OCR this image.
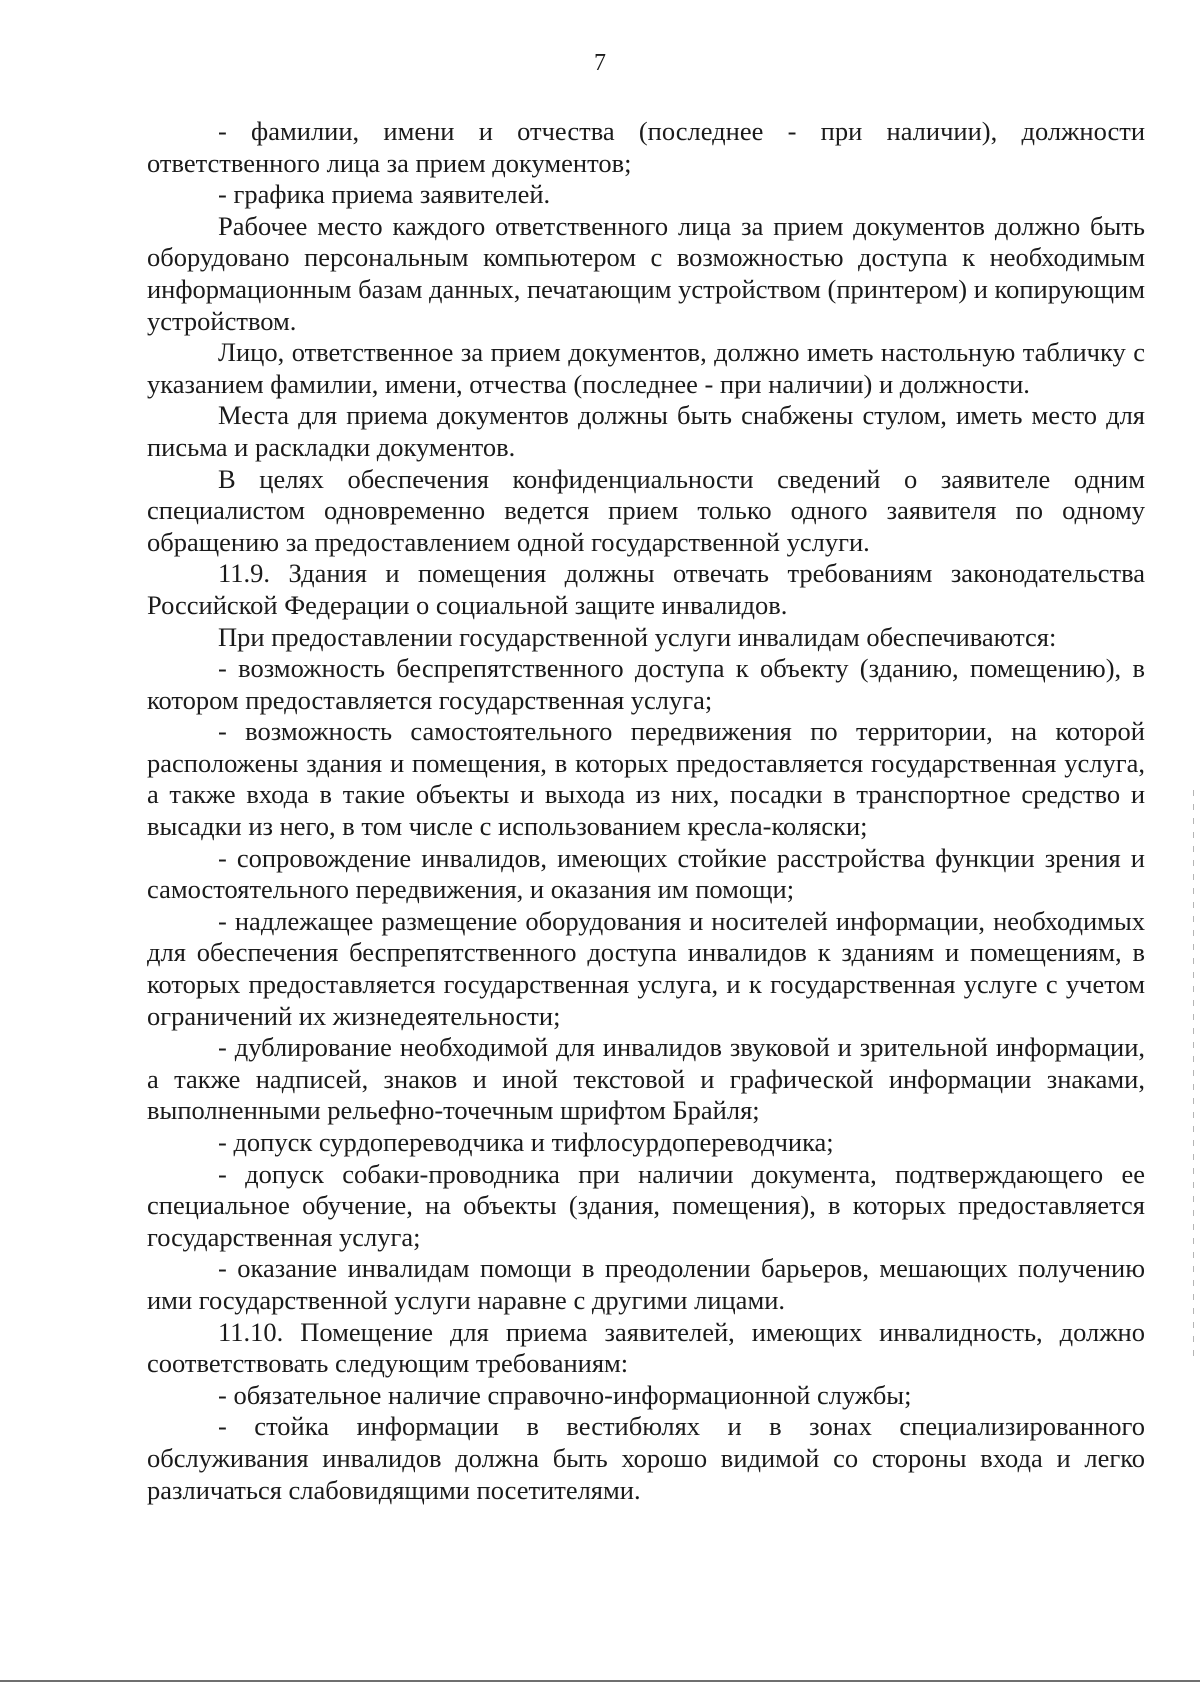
7

- фамилии, имени и отчества (последнее - при наличии), должности ответственного лица за прием документов;

- графика приема заявителей.

Рабочее место каждого ответственного лица за прием документов должно быть оборудовано персональным компьютером с возможностью доступа к необходимым информационным базам данных, печатающим устройством (принтером) и копирующим устройством.

Лицо, ответственное за прием документов, должно иметь настольную табличку с указанием фамилии, имени, отчества (последнее - при наличии) и должности.

Места для приема документов должны быть снабжены стулом, иметь место для письма и раскладки документов.

В целях обеспечения конфиденциальности сведений о заявителе одним специалистом одновременно ведется прием только одного заявителя по одному обращению за предоставлением одной государственной услуги.

11.9. Здания и помещения должны отвечать требованиям законодательства Российской Федерации о социальной защите инвалидов.

При предоставлении государственной услуги инвалидам обеспечиваются:

- возможность беспрепятственного доступа к объекту (зданию, помещению), в котором предоставляется государственная услуга;

- возможность самостоятельного передвижения по территории, на которой расположены здания и помещения, в которых предоставляется государственная услуга, а также входа в такие объекты и выхода из них, посадки в транспортное средство и высадки из него, в том числе с использованием кресла-коляски;

- сопровождение инвалидов, имеющих стойкие расстройства функции зрения и самостоятельного передвижения, и оказания им помощи;

- надлежащее размещение оборудования и носителей информации, необходимых для обеспечения беспрепятственного доступа инвалидов к зданиям и помещениям, в которых предоставляется государственная услуга, и к государственная услуге с учетом ограничений их жизнедеятельности;

- дублирование необходимой для инвалидов звуковой и зрительной информации, а также надписей, знаков и иной текстовой и графической информации знаками, выполненными рельефно-точечным шрифтом Брайля;

- допуск сурдопереводчика и тифлосурдопереводчика;

- допуск собаки-проводника при наличии документа, подтверждающего ее специальное обучение, на объекты (здания, помещения), в которых предоставляется государственная услуга;

- оказание инвалидам помощи в преодолении барьеров, мешающих получению ими государственной услуги наравне с другими лицами.

11.10. Помещение для приема заявителей, имеющих инвалидность, должно соответствовать следующим требованиям:

- обязательное наличие справочно-информационной службы;

- стойка информации в вестибюлях и в зонах специализированного обслуживания инвалидов должна быть хорошо видимой со стороны входа и легко различаться слабовидящими посетителями.
